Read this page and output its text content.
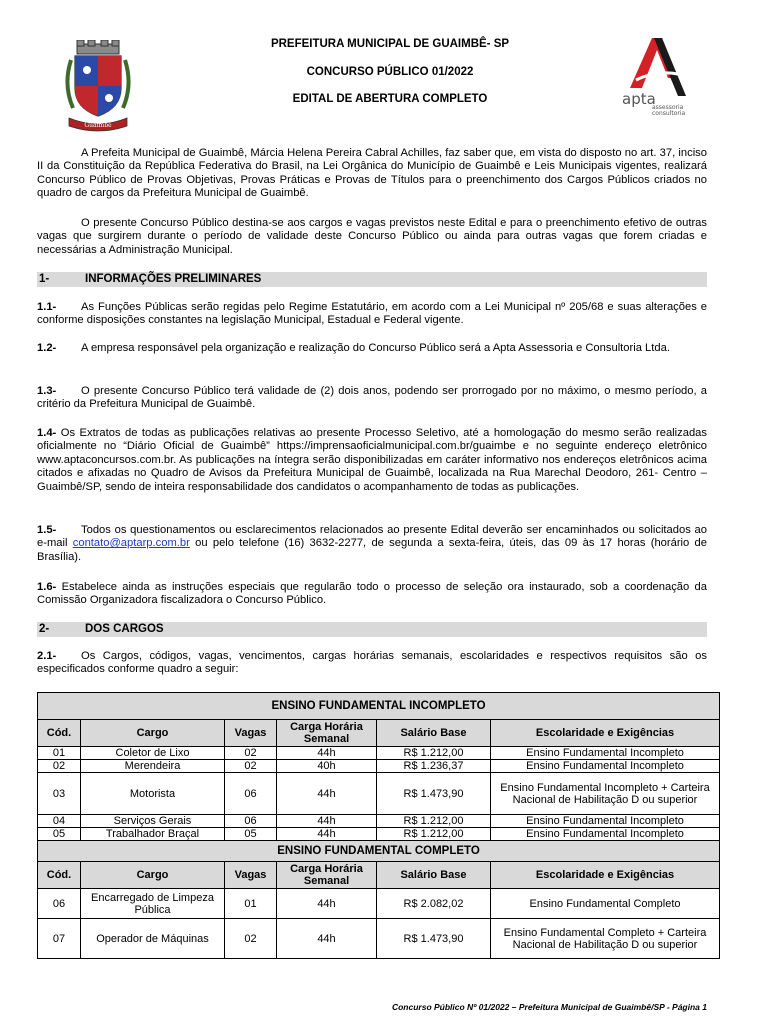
Guaimbê
PREFEITURA MUNICIPAL DE GUAIMBÊ- SP
CONCURSO PÚBLICO 01/2022
EDITAL DE ABERTURA COMPLETO	apta
assessoria
consultoria

A Prefeita Municipal de Guaimbê, Márcia Helena Pereira Cabral Achilles, faz saber que, em vista do disposto no art. 37, inciso II da Constituição da República Federativa do Brasil, na Lei Orgânica do Município de Guaimbê e Leis Municipais vigentes, realizará Concurso Público de Provas Objetivas, Provas Práticas e Provas de Títulos para o preenchimento dos Cargos Públicos criados no quadro de cargos da Prefeitura Municipal de Guaimbê.

O presente Concurso Público destina-se aos cargos e vagas previstos neste Edital e para o preenchimento efetivo de outras vagas que surgirem durante o período de validade deste Concurso Público ou ainda para outras vagas que forem criadas e necessárias a Administração Municipal.

1-	INFORMAÇÕES PRELIMINARES

1.1- As Funções Públicas serão regidas pelo Regime Estatutário, em acordo com a Lei Municipal nº 205/68 e suas alterações e conforme disposições constantes na legislação Municipal, Estadual e Federal vigente.

1.2- A empresa responsável pela organização e realização do Concurso Público será a Apta Assessoria e Consultoria Ltda.

1.3- O presente Concurso Público terá validade de (2) dois anos, podendo ser prorrogado por no máximo, o mesmo período, a critério da Prefeitura Municipal de Guaimbê.

1.4- Os Extratos de todas as publicações relativas ao presente Processo Seletivo, até a homologação do mesmo serão realizadas oficialmente no “Diário Oficial de Guaimbê” https://imprensaoficialmunicipal.com.br/guaimbe e no seguinte endereço eletrônico www.aptaconcursos.com.br. As publicações na íntegra serão disponibilizadas em caráter informativo nos endereços eletrônicos acima citados e afixadas no Quadro de Avisos da Prefeitura Municipal de Guaimbê, localizada na Rua Marechal Deodoro, 261- Centro – Guaimbê/SP, sendo de inteira responsabilidade dos candidatos o acompanhamento de todas as publicações.

1.5- Todos os questionamentos ou esclarecimentos relacionados ao presente Edital deverão ser encaminhados ou solicitados ao e-mail contato@aptarp.com.br ou pelo telefone (16) 3632-2277, de segunda a sexta-feira, úteis, das 09 às 17 horas (horário de Brasília).

1.6- Estabelece ainda as instruções especiais que regularão todo o processo de seleção ora instaurado, sob a coordenação da Comissão Organizadora fiscalizadora o Concurso Público.

2-	DOS CARGOS

2.1- Os Cargos, códigos, vagas, vencimentos, cargas horárias semanais, escolaridades e respectivos requisitos são os especificados conforme quadro a seguir:

ENSINO FUNDAMENTAL INCOMPLETO					
Cód.	Cargo	Vagas	Carga Horária Semanal	Salário Base	Escolaridade e Exigências
01	Coletor de Lixo	02	44h	R$ 1.212,00	Ensino Fundamental Incompleto
02	Merendeira	02	40h	R$ 1.236,37	Ensino Fundamental Incompleto
03	Motorista	06	44h	R$ 1.473,90	Ensino Fundamental Incompleto + Carteira Nacional de Habilitação D ou superior
04	Serviços Gerais	06	44h	R$ 1.212,00	Ensino Fundamental Incompleto
05	Trabalhador Braçal	05	44h	R$ 1.212,00	Ensino Fundamental Incompleto
ENSINO FUNDAMENTAL COMPLETO					
Cód.	Cargo	Vagas	Carga Horária Semanal	Salário Base	Escolaridade e Exigências
06	Encarregado de Limpeza Pública	01	44h	R$ 2.082,02	Ensino Fundamental Completo
07	Operador de Máquinas	02	44h	R$ 1.473,90	Ensino Fundamental Completo + Carteira Nacional de Habilitação D ou superior
Concurso Público Nº 01/2022 – Prefeitura Municipal de Guaimbê/SP - Página 1
